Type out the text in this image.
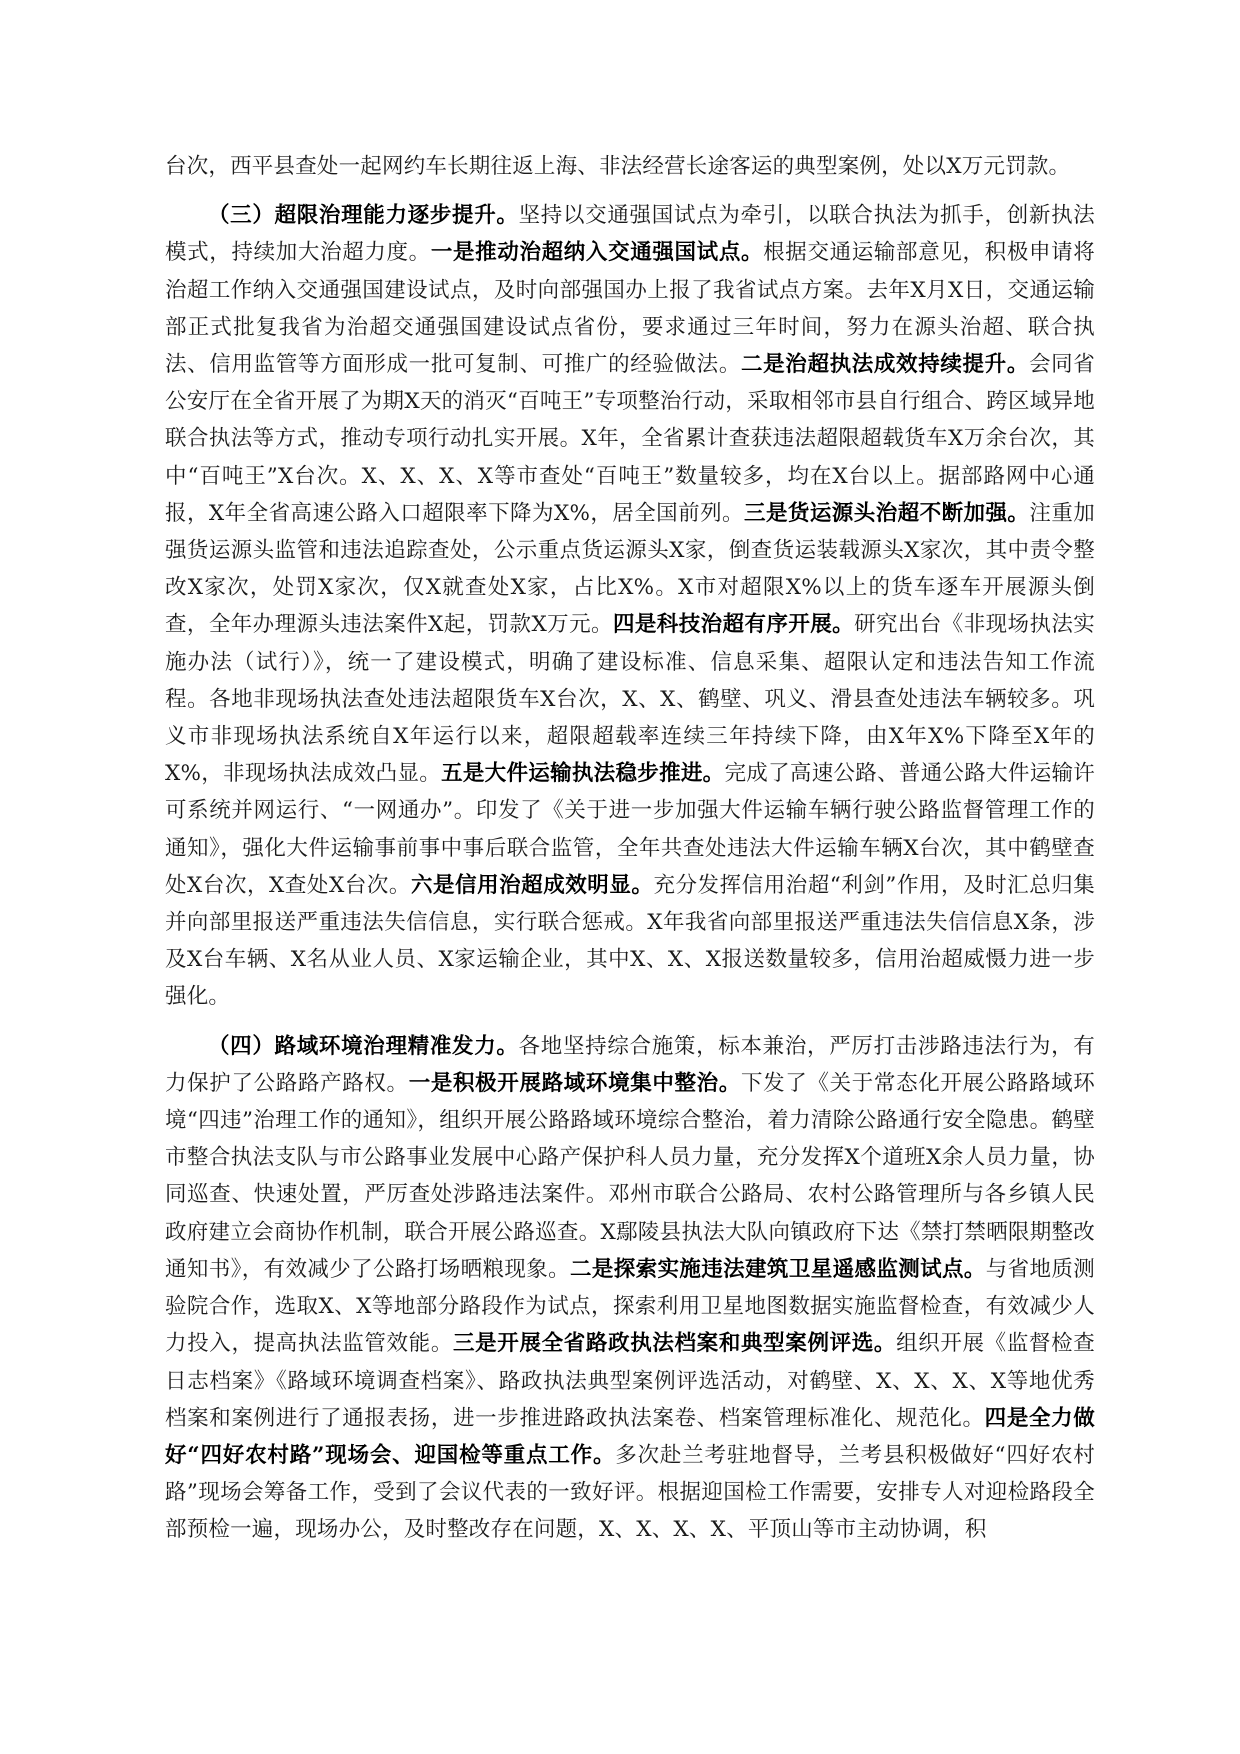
台次，西平县查处一起网约车长期往返上海、非法经营长途客运的典型案例，处以X万元罚款。

（三）超限治理能力逐步提升。坚持以交通强国试点为牵引，以联合执法为抓手，创新执法模式，持续加大治超力度。一是推动治超纳入交通强国试点。根据交通运输部意见，积极申请将治超工作纳入交通强国建设试点，及时向部强国办上报了我省试点方案。去年X月X日，交通运输部正式批复我省为治超交通强国建设试点省份，要求通过三年时间，努力在源头治超、联合执法、信用监管等方面形成一批可复制、可推广的经验做法。二是治超执法成效持续提升。会同省公安厅在全省开展了为期X天的消灭“百吨王”专项整治行动，采取相邻市县自行组合、跨区域异地联合执法等方式，推动专项行动扎实开展。X年，全省累计查获违法超限超载货车X万余台次，其中“百吨王”X台次。X、X、X、X等市查处“百吨王”数量较多，均在X台以上。据部路网中心通报，X年全省高速公路入口超限率下降为X%，居全国前列。三是货运源头治超不断加强。注重加强货运源头监管和违法追踪查处，公示重点货运源头X家，倒查货运装载源头X家次，其中责令整改X家次，处罚X家次，仅X就查处X家，占比X%。X市对超限X%以上的货车逐车开展源头倒查，全年办理源头违法案件X起，罚款X万元。四是科技治超有序开展。研究出台《非现场执法实施办法（试行）》，统一了建设模式，明确了建设标准、信息采集、超限认定和违法告知工作流程。各地非现场执法查处违法超限货车X台次，X、X、鹤壁、巩义、滑县查处违法车辆较多。巩义市非现场执法系统自X年运行以来，超限超载率连续三年持续下降，由X年X%下降至X年的X%，非现场执法成效凸显。五是大件运输执法稳步推进。完成了高速公路、普通公路大件运输许可系统并网运行、“一网通办”。印发了《关于进一步加强大件运输车辆行驶公路监督管理工作的通知》，强化大件运输事前事中事后联合监管，全年共查处违法大件运输车辆X台次，其中鹤壁查处X台次，X查处X台次。六是信用治超成效明显。充分发挥信用治超“利剑”作用，及时汇总归集并向部里报送严重违法失信信息，实行联合惩戒。X年我省向部里报送严重违法失信信息X条，涉及X台车辆、X名从业人员、X家运输企业，其中X、X、X报送数量较多，信用治超威慑力进一步强化。

（四）路域环境治理精准发力。各地坚持综合施策，标本兼治，严厉打击涉路违法行为，有力保护了公路路产路权。一是积极开展路域环境集中整治。下发了《关于常态化开展公路路域环境“四违”治理工作的通知》，组织开展公路路域环境综合整治，着力清除公路通行安全隐患。鹤壁市整合执法支队与市公路事业发展中心路产保护科人员力量，充分发挥X个道班X余人员力量，协同巡查、快速处置，严厉查处涉路违法案件。邓州市联合公路局、农村公路管理所与各乡镇人民政府建立会商协作机制，联合开展公路巡查。X鄢陵县执法大队向镇政府下达《禁打禁晒限期整改通知书》，有效减少了公路打场晒粮现象。二是探索实施违法建筑卫星遥感监测试点。与省地质测验院合作，选取X、X等地部分路段作为试点，探索利用卫星地图数据实施监督检查，有效减少人力投入，提高执法监管效能。三是开展全省路政执法档案和典型案例评选。组织开展《监督检查日志档案》《路域环境调查档案》、路政执法典型案例评选活动，对鹤壁、X、X、X、X等地优秀档案和案例进行了通报表扬，进一步推进路政执法案卷、档案管理标准化、规范化。四是全力做好“四好农村路”现场会、迎国检等重点工作。多次赴兰考驻地督导，兰考县积极做好“四好农村路”现场会筹备工作，受到了会议代表的一致好评。根据迎国检工作需要，安排专人对迎检路段全部预检一遍，现场办公，及时整改存在问题，X、X、X、X、平顶山等市主动协调，积
